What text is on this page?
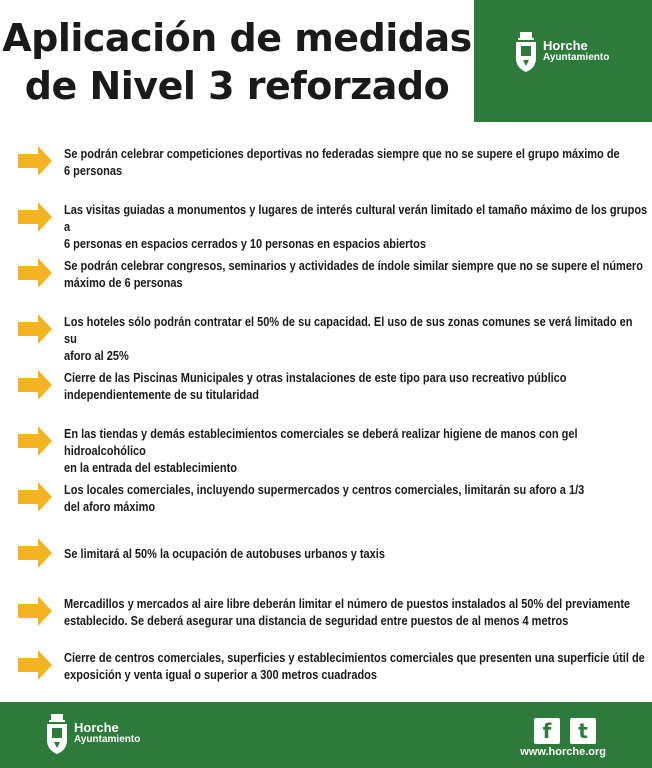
Aplicación de medidas
de Nivel 3 reforzado
Horche
Ayuntamiento
Se podrán celebrar competiciones deportivas no federadas siempre que no se supere el grupo máximo de
6 personas
Las visitas guiadas a monumentos y lugares de interés cultural verán limitado el tamaño máximo de los grupos a
6 personas en espacios cerrados y 10 personas en espacios abiertos
Se podrán celebrar congresos, seminarios y actividades de índole similar siempre que no se supere el número
máximo de 6 personas
Los hoteles sólo podrán contratar el 50% de su capacidad. El uso de sus zonas comunes se verá limitado en su
aforo al 25%
Cierre de las Piscinas Municipales y otras instalaciones de este tipo para uso recreativo público
independientemente de su titularidad
En las tiendas y demás establecimientos comerciales se deberá realizar higiene de manos con gel hidroalcohólico
en la entrada del establecimiento
Los locales comerciales, incluyendo supermercados y centros comerciales, limitarán su aforo a 1/3
del aforo máximo
Se limitará al 50% la ocupación de autobuses urbanos y taxis
Mercadillos y mercados al aire libre deberán limitar el número de puestos instalados al 50% del previamente
establecido. Se deberá asegurar una distancia de seguridad entre puestos de al menos 4 metros
Cierre de centros comerciales, superficies y establecimientos comerciales que presenten una superficie útil de
exposición y venta igual o superior a 300 metros cuadrados
Horche
Ayuntamiento	f	t
www.horche.org
